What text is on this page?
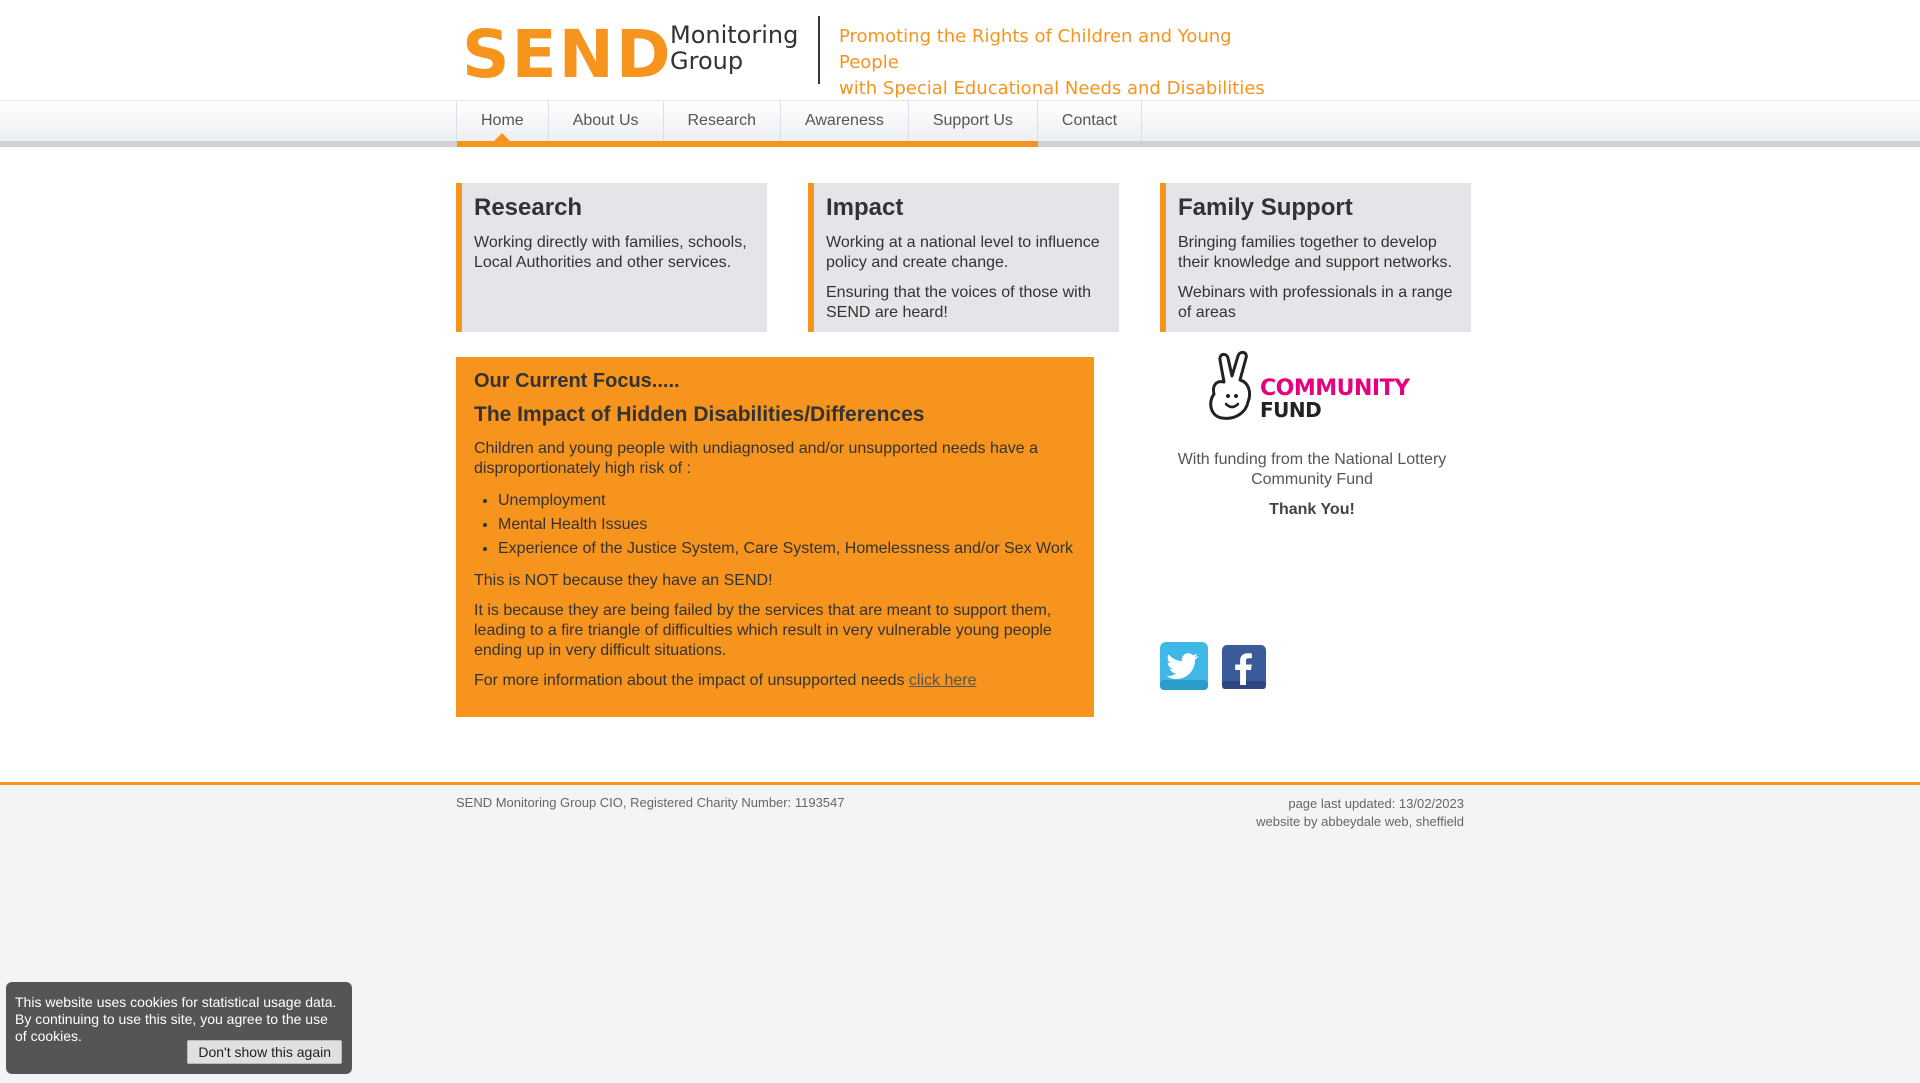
SEND
Monitoring
Group
Promoting the Rights of Children and Young People
with Special Educational Needs and Disabilities
Home	About Us	Research	Awareness	Support Us	Contact
Research

Working directly with families, schools, Local Authorities and other services.

Impact

Working at a national level to influence policy and create change.

Ensuring that the voices of those with SEND are heard!

Family Support

Bringing families together to develop their knowledge and support networks.

Webinars with professionals in a range of areas

Our Current Focus.....
The Impact of Hidden Disabilities/Differences

Children and young people with undiagnosed and/or unsupported needs have a disproportionately high risk of :

• Unemployment
• Mental Health Issues
• Experience of the Justice System, Care System, Homelessness and/or Sex Work

This is NOT because they have an SEND!

It is because they are being failed by the services that are meant to support them, leading to a fire triangle of difficulties which result in very vulnerable young people ending up in very difficult situations.

For more information about the impact of unsupported needs click here

COMMUNITY
FUND

With funding from the National Lottery Community Fund

Thank You!

SEND Monitoring Group CIO, Registered Charity Number: 1193547	page last updated: 13/02/2023
website by abbeydale web, sheffield
This website uses cookies for statistical usage data. By continuing to use this site, you agree to the use of cookies.
Don't show this again
